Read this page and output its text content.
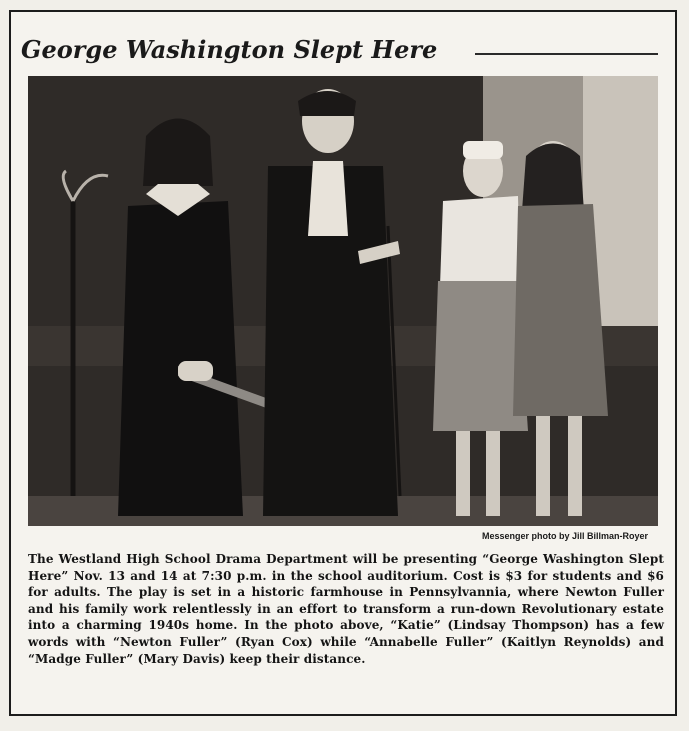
George Washington Slept Here
Messenger photo by Jill Billman-Royer
The Westland High School Drama Department will be presenting “George Washington Slept Here” Nov. 13 and 14 at 7:30 p.m. in the school auditorium. Cost is $3 for students and $6 for adults. The play is set in a historic farmhouse in Pennsylvannia, where Newton Fuller and his family work relentlessly in an effort to transform a run-down Revolutionary estate into a charming 1940s home. In the photo above, “Katie” (Lindsay Thompson) has a few words with “Newton Fuller” (Ryan Cox) while “Annabelle Fuller” (Kaitlyn Reynolds) and “Madge Fuller” (Mary Davis) keep their distance.
